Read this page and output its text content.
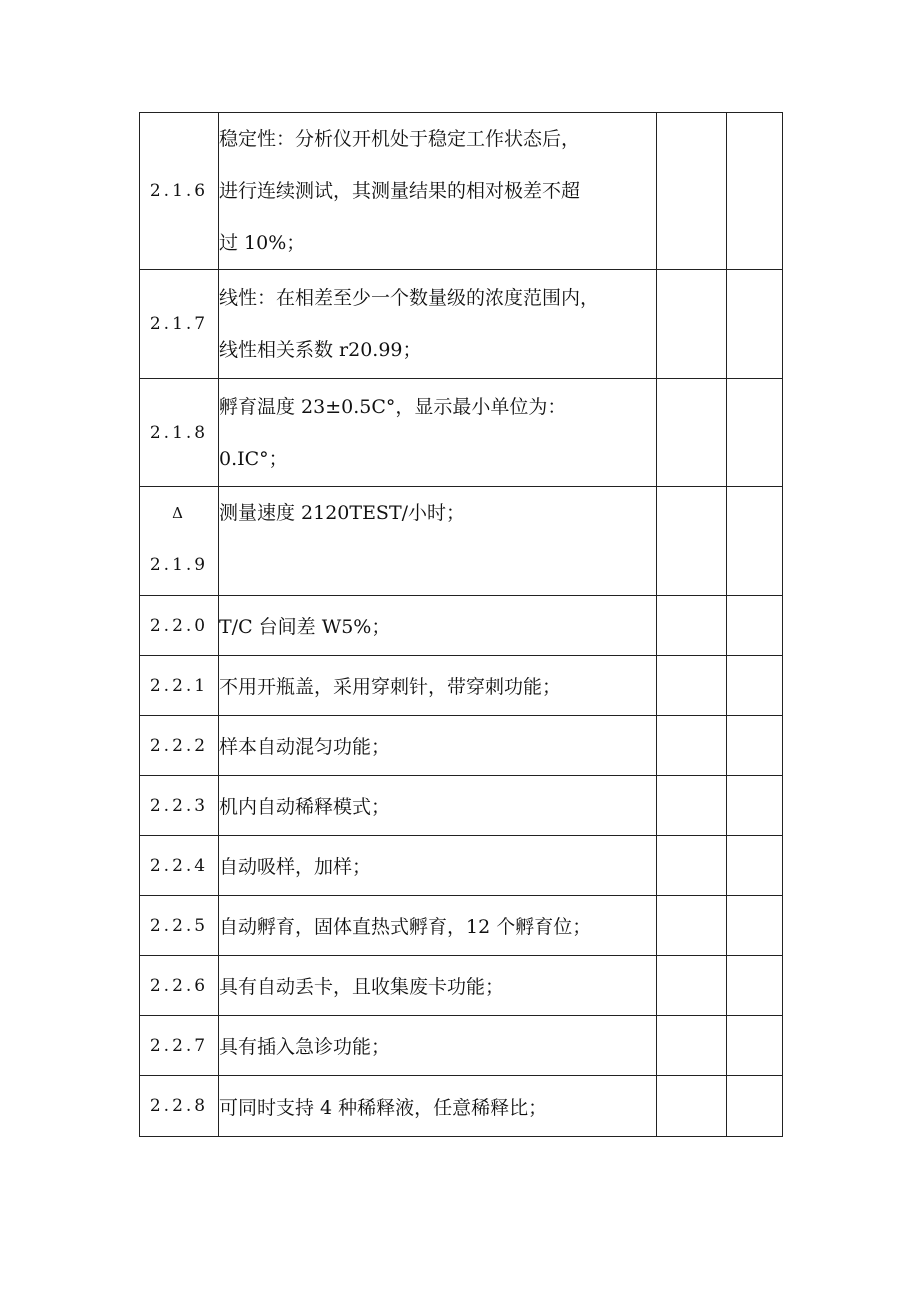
2.1.6	稳定性：分析仪开机处于稳定工作状态后，
进行连续测试，其测量结果的相对极差不超
过 10%；		

2.1.7	线性：在相差至少一个数量级的浓度范围内，
线性相关系数 r20.99；		

2.1.8	孵育温度 23±0.5C°，显示最小单位为：
0.IC°；		

Δ
2.1.9	测量速度 2120TEST/小时；		

2.2.0	T/C 台间差 W5%；		
2.2.1	不用开瓶盖，采用穿刺针，带穿刺功能；		
2.2.2	样本自动混匀功能；		
2.2.3	机内自动稀释模式；		
2.2.4	自动吸样，加样；		
2.2.5	自动孵育，固体直热式孵育，12 个孵育位；		
2.2.6	具有自动丢卡，且收集废卡功能；		
2.2.7	具有插入急诊功能；		
2.2.8	可同时支持 4 种稀释液，任意稀释比；		
